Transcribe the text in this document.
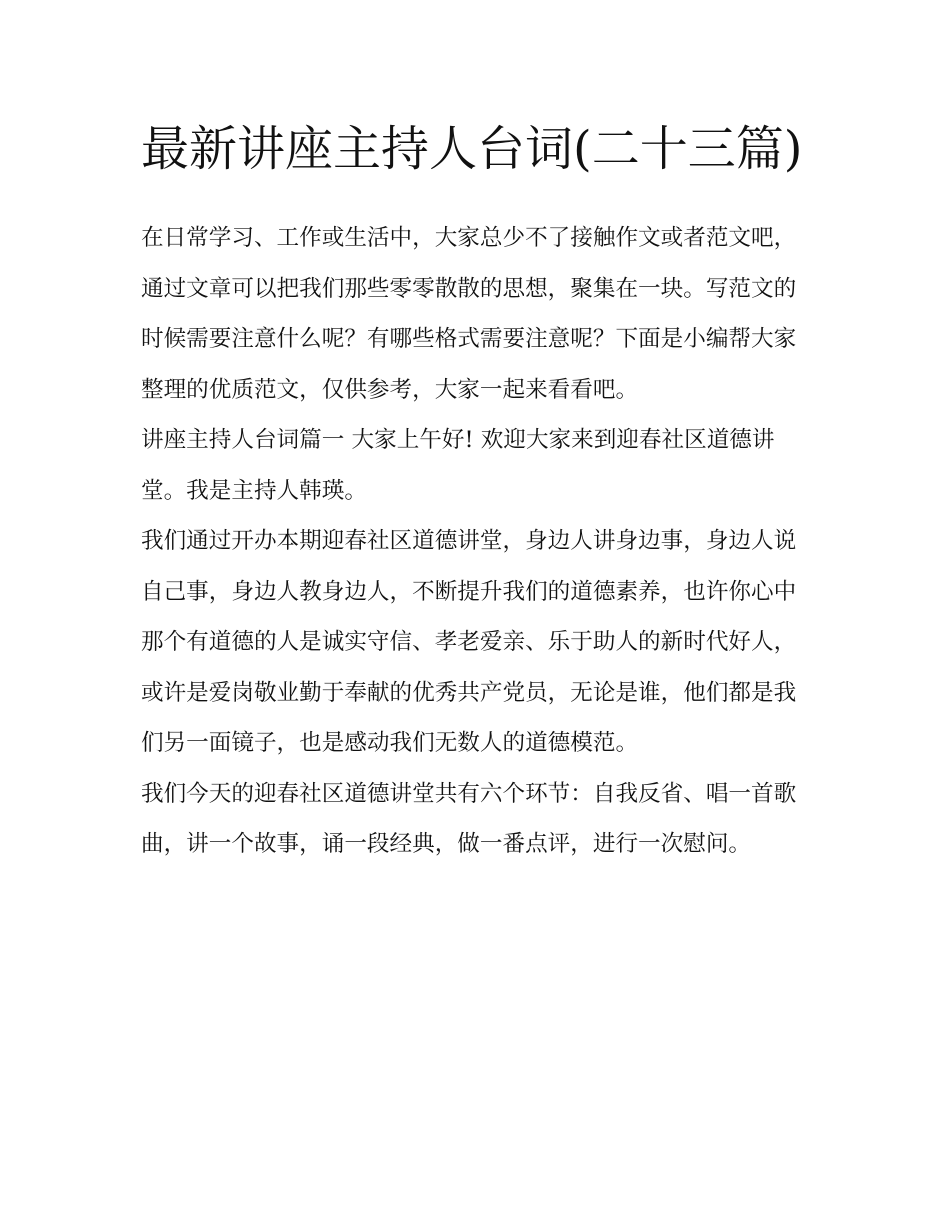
最新讲座主持人台词(二十三篇)

在日常学习、工作或生活中，大家总少不了接触作文或者范文吧，通过文章可以把我们那些零零散散的思想，聚集在一块。写范文的时候需要注意什么呢？有哪些格式需要注意呢？下面是小编帮大家整理的优质范文，仅供参考，大家一起来看看吧。

讲座主持人台词篇一 大家上午好! 欢迎大家来到迎春社区道德讲堂。我是主持人韩瑛。

我们通过开办本期迎春社区道德讲堂，身边人讲身边事，身边人说自己事，身边人教身边人，不断提升我们的道德素养，也许你心中那个有道德的人是诚实守信、孝老爱亲、乐于助人的新时代好人，或许是爱岗敬业勤于奉献的优秀共产党员，无论是谁，他们都是我们另一面镜子，也是感动我们无数人的道德模范。

我们今天的迎春社区道德讲堂共有六个环节：自我反省、唱一首歌曲，讲一个故事，诵一段经典，做一番点评，进行一次慰问。
